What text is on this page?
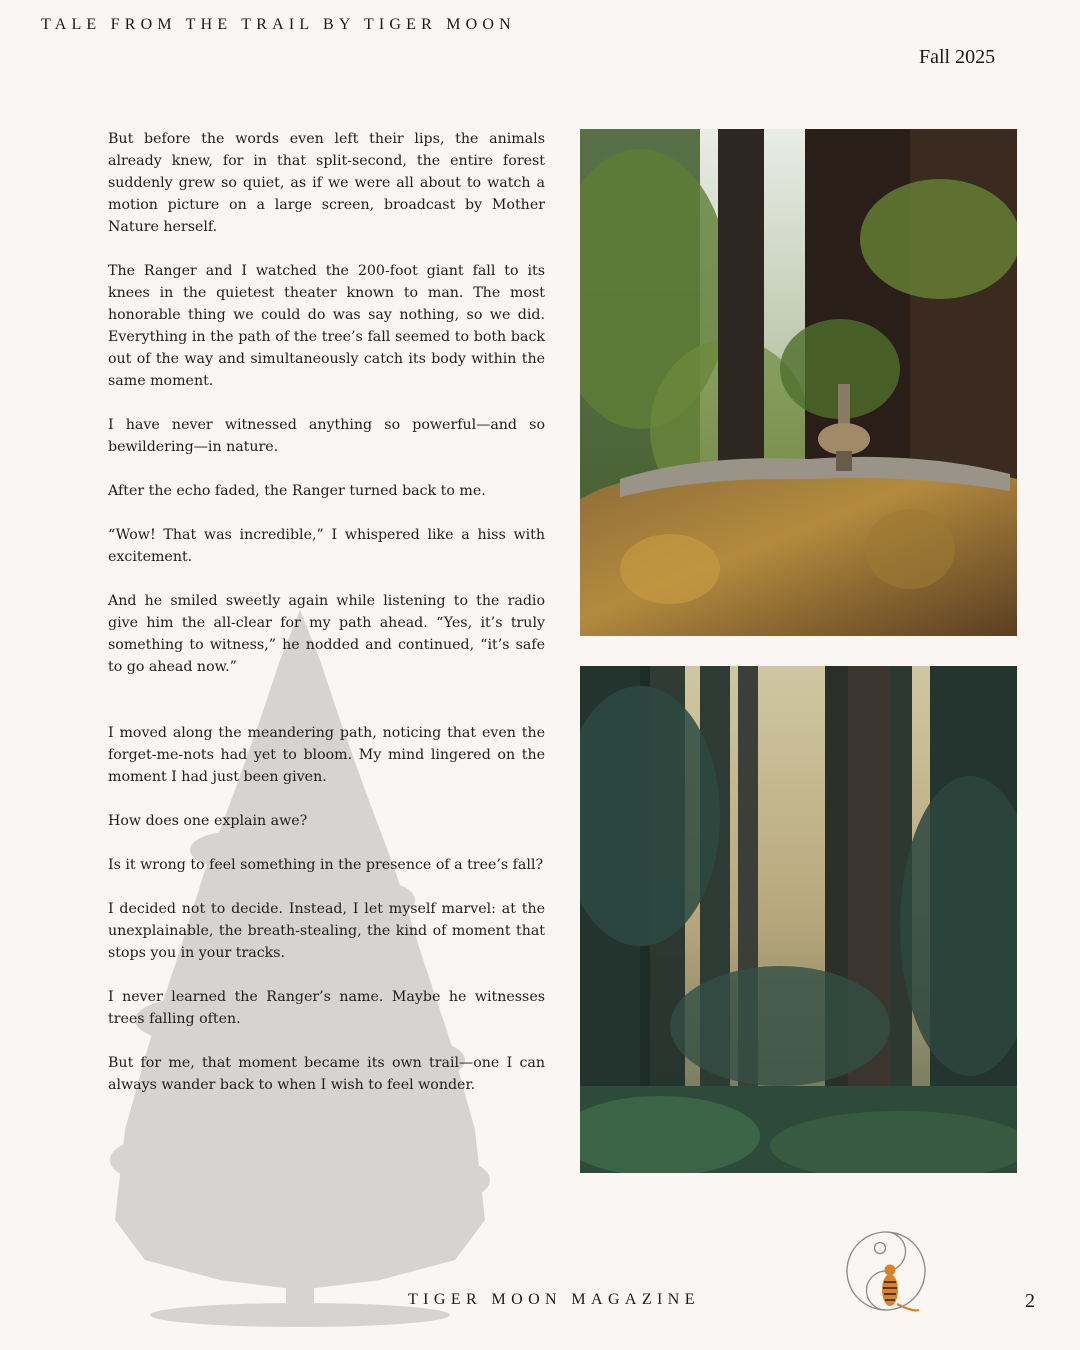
TALE FROM THE TRAIL BY TIGER MOON
Fall 2025

But before the words even left their lips, the animals already knew, for in that split-second, the entire forest suddenly grew so quiet, as if we were all about to watch a motion picture on a large screen, broadcast by Mother Nature herself.

The Ranger and I watched the 200-foot giant fall to its knees in the quietest theater known to man. The most honorable thing we could do was say nothing, so we did. Everything in the path of the tree’s fall seemed to both back out of the way and simultaneously catch its body within the same moment.

I have never witnessed anything so powerful—and so bewildering—in nature.

After the echo faded, the Ranger turned back to me.

“Wow! That was incredible,” I whispered like a hiss with excitement.

And he smiled sweetly again while listening to the radio give him the all-clear for my path ahead. “Yes, it’s truly something to witness,” he nodded and continued, “it’s safe to go ahead now.”

I moved along the meandering path, noticing that even the forget-me-nots had yet to bloom. My mind lingered on the moment I had just been given.

How does one explain awe?

Is it wrong to feel something in the presence of a tree’s fall?

I decided not to decide. Instead, I let myself marvel: at the unexplainable, the breath-stealing, the kind of moment that stops you in your tracks.

I never learned the Ranger’s name. Maybe he witnesses trees falling often.

But for me, that moment became its own trail—one I can always wander back to when I wish to feel wonder.

TIGER MOON MAGAZINE	2
